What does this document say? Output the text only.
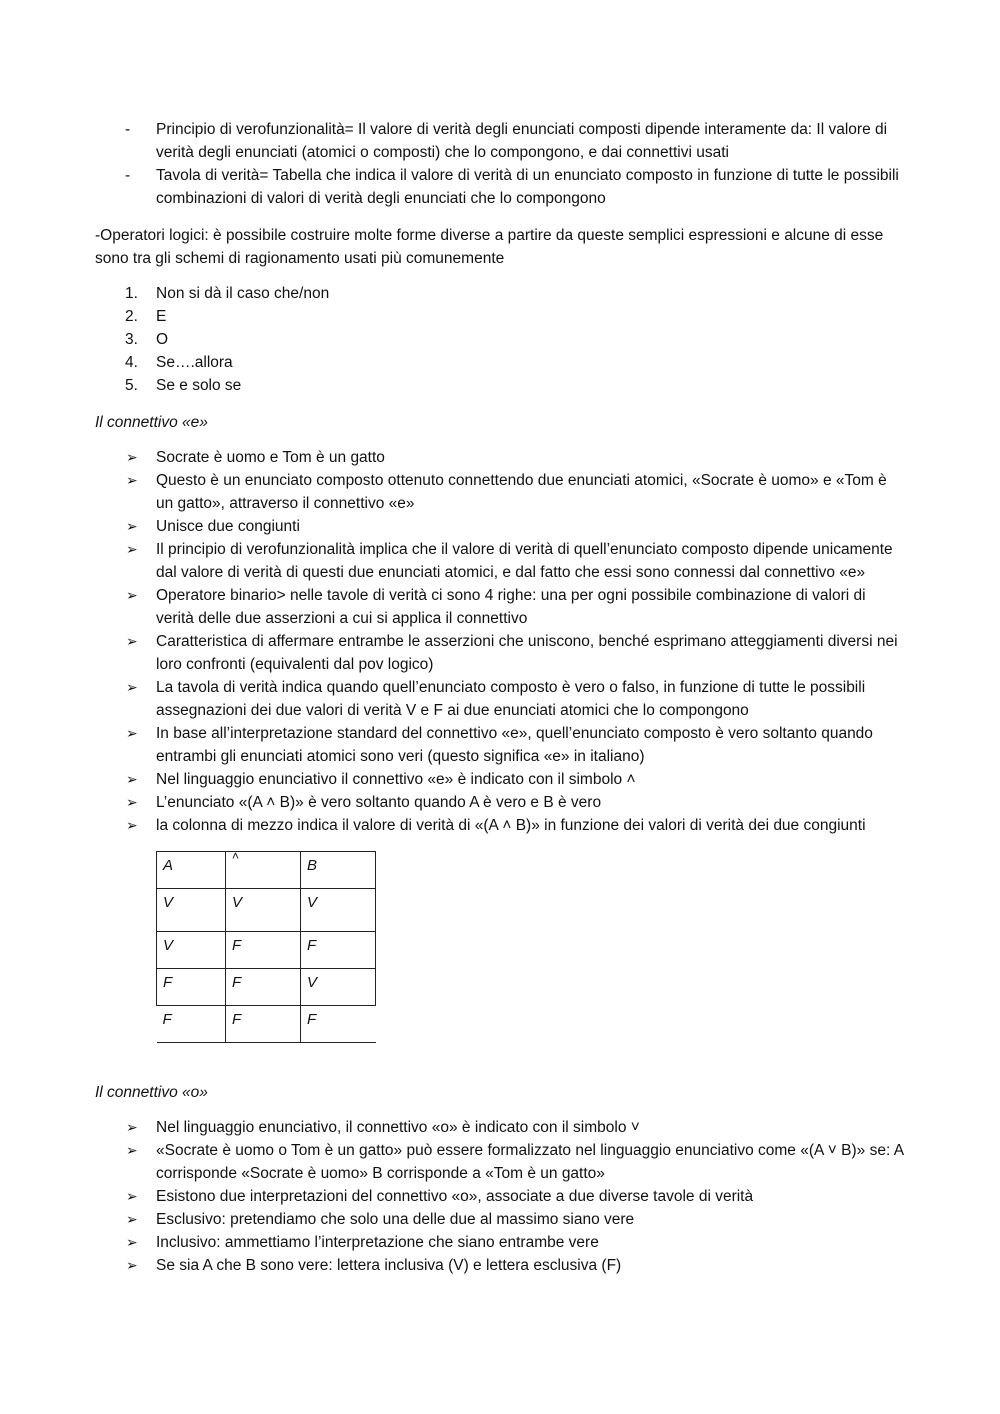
- Principio di verofunzionalità= Il valore di verità degli enunciati composti dipende interamente da: Il valore di verità degli enunciati (atomici o composti) che lo compongono, e dai connettivi usati
- Tavola di verità= Tabella che indica il valore di verità di un enunciato composto in funzione di tutte le possibili combinazioni di valori di verità degli enunciati che lo compongono

-Operatori logici: è possibile costruire molte forme diverse a partire da queste semplici espressioni e alcune di esse sono tra gli schemi di ragionamento usati più comunemente

1. Non si dà il caso che/non
2. E
3. O
4. Se….allora
5. Se e solo se

Il connettivo «e»

➢ Socrate è uomo e Tom è un gatto
➢ Questo è un enunciato composto ottenuto connettendo due enunciati atomici, «Socrate è uomo» e «Tom è un gatto», attraverso il connettivo «e»
➢ Unisce due congiunti
➢ Il principio di verofunzionalità implica che il valore di verità di quell’enunciato composto dipende unicamente dal valore di verità di questi due enunciati atomici, e dal fatto che essi sono connessi dal connettivo «e»
➢ Operatore binario> nelle tavole di verità ci sono 4 righe: una per ogni possibile combinazione di valori di verità delle due asserzioni a cui si applica il connettivo
➢ Caratteristica di affermare entrambe le asserzioni che uniscono, benché esprimano atteggiamenti diversi nei loro confronti (equivalenti dal pov logico)
➢ La tavola di verità indica quando quell’enunciato composto è vero o falso, in funzione di tutte le possibili assegnazioni dei due valori di verità V e F ai due enunciati atomici che lo compongono
➢ In base all’interpretazione standard del connettivo «e», quell’enunciato composto è vero soltanto quando entrambi gli enunciati atomici sono veri (questo significa «e» in italiano)
➢ Nel linguaggio enunciativo il connettivo «e» è indicato con il simbolo ˄
➢ L’enunciato «(A ˄ B)» è vero soltanto quando A è vero e B è vero
➢ la colonna di mezzo indica il valore di verità di «(A ˄ B)» in funzione dei valori di verità dei due congiunti
A	˄	B
V	V	V
V	F	F
F	F	V
F	F	F

Il connettivo «o»

➢ Nel linguaggio enunciativo, il connettivo «o» è indicato con il simbolo ˅
➢ «Socrate è uomo o Tom è un gatto» può essere formalizzato nel linguaggio enunciativo come «(A ˅ B)» se: A corrisponde «Socrate è uomo» B corrisponde a «Tom è un gatto»
➢ Esistono due interpretazioni del connettivo «o», associate a due diverse tavole di verità
➢ Esclusivo: pretendiamo che solo una delle due al massimo siano vere
➢ Inclusivo: ammettiamo l’interpretazione che siano entrambe vere
➢ Se sia A che B sono vere: lettera inclusiva (V) e lettera esclusiva (F)
